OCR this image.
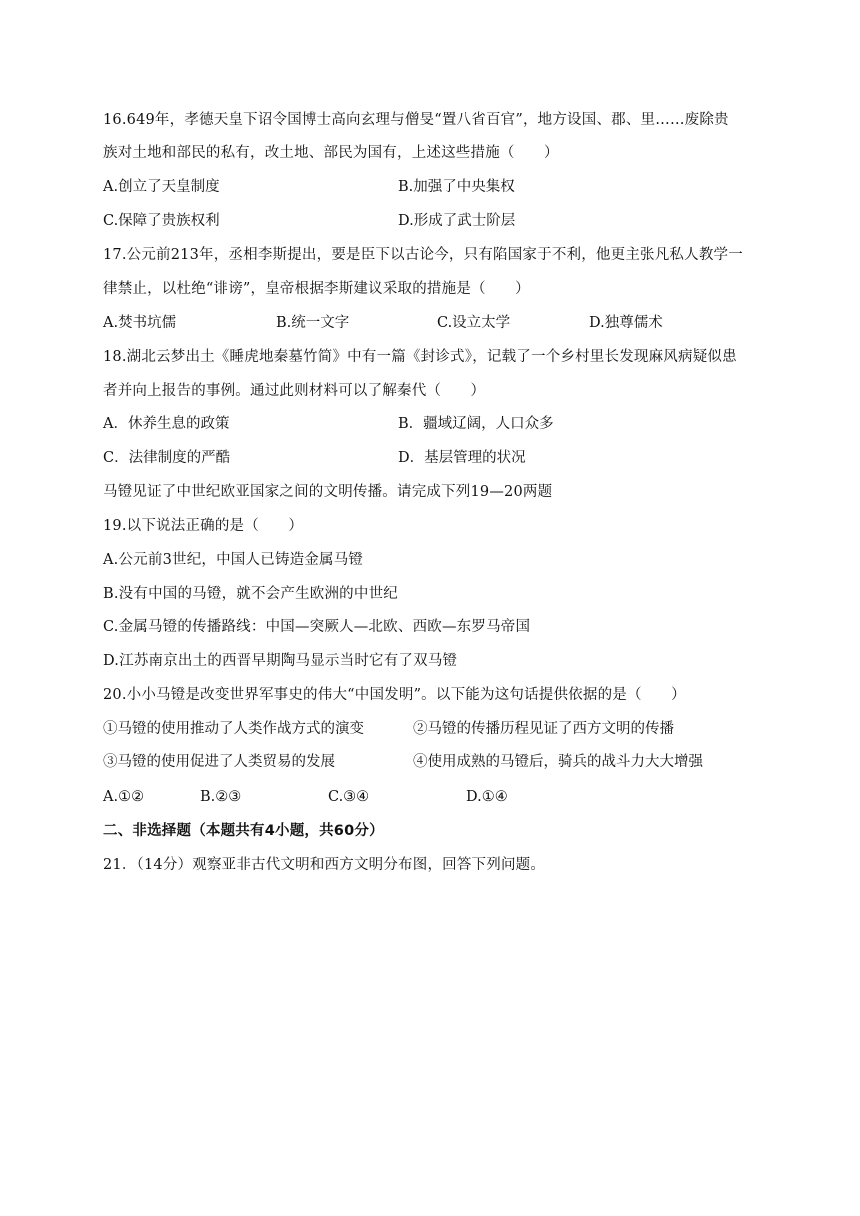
16.649年，孝德天皇下诏令国博士高向玄理与僧旻“置八省百官”，地方设国、郡、里……废除贵
族对土地和部民的私有，改土地、部民为国有，上述这些措施（　　）
A.创立了天皇制度	B.加强了中央集权
C.保障了贵族权利	D.形成了武士阶层
17.公元前213年，丞相李斯提出，要是臣下以古论今，只有陷国家于不利，他更主张凡私人教学一
律禁止，以杜绝“诽谤”，皇帝根据李斯建议采取的措施是（　　）
A.焚书坑儒	B.统一文字	C.设立太学	D.独尊儒术
18.湖北云梦出土《睡虎地秦墓竹简》中有一篇《封诊式》，记载了一个乡村里长发现麻风病疑似患
者并向上报告的事例。通过此则材料可以了解秦代（　　）
A．休养生息的政策	B．疆域辽阔，人口众多
C．法律制度的严酷	D．基层管理的状况
马镫见证了中世纪欧亚国家之间的文明传播。请完成下列19—20两题
19.以下说法正确的是（　　）
A.公元前3世纪，中国人已铸造金属马镫
B.没有中国的马镫，就不会产生欧洲的中世纪
C.金属马镫的传播路线：中国—突厥人—北欧、西欧—东罗马帝国
D.江苏南京出土的西晋早期陶马显示当时它有了双马镫
20.小小马镫是改变世界军事史的伟大“中国发明”。以下能为这句话提供依据的是（　　）
①马镫的使用推动了人类作战方式的演变	②马镫的传播历程见证了西方文明的传播
③马镫的使用促进了人类贸易的发展	④使用成熟的马镫后，骑兵的战斗力大大增强
A.①②	B.②③	C.③④	D.①④
二、非选择题（本题共有4小题，共60分）
21．（14分）观察亚非古代文明和西方文明分布图，回答下列问题。
